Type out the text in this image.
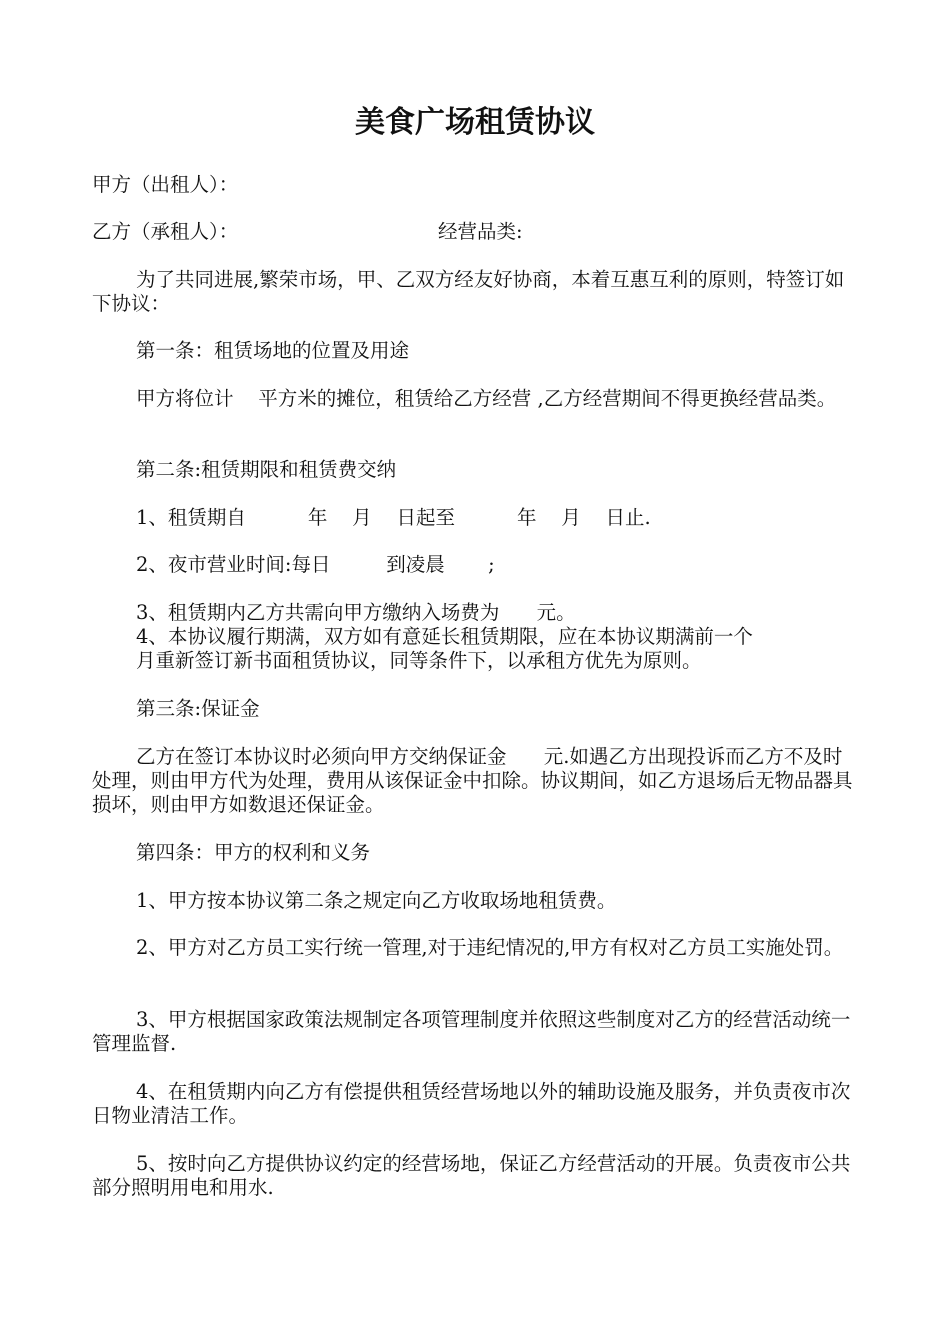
美食广场租赁协议
甲方（出租人）：
乙方（承租人）：	经营品类:
为了共同进展,繁荣市场，甲、乙双方经友好协商，本着互惠互利的原则，特签订如下协议：
第一条：租赁场地的位置及用途
甲方将位计    平方米的摊位，租赁给乙方经营 ,乙方经营期间不得更换经营品类。
第二条:租赁期限和租赁费交纳
1、租赁期自          年    月    日起至          年    月    日止.
2、夜市营业时间:每日         到凌晨       ;
3、租赁期内乙方共需向甲方缴纳入场费为      元。
4、本协议履行期满，双方如有意延长租赁期限，应在本协议期满前一个
月重新签订新书面租赁协议，同等条件下，以承租方优先为原则。
第三条:保证金
乙方在签订本协议时必须向甲方交纳保证金      元.如遇乙方出现投诉而乙方不及时处理，则由甲方代为处理，费用从该保证金中扣除。协议期间，如乙方退场后无物品器具损坏，则由甲方如数退还保证金。
第四条：甲方的权利和义务
1、甲方按本协议第二条之规定向乙方收取场地租赁费。
2、甲方对乙方员工实行统一管理,对于违纪情况的,甲方有权对乙方员工实施处罚。
3、甲方根据国家政策法规制定各项管理制度并依照这些制度对乙方的经营活动统一管理监督.
4、在租赁期内向乙方有偿提供租赁经营场地以外的辅助设施及服务，并负责夜市次日物业清洁工作。
5、按时向乙方提供协议约定的经营场地，保证乙方经营活动的开展。负责夜市公共部分照明用电和用水.
